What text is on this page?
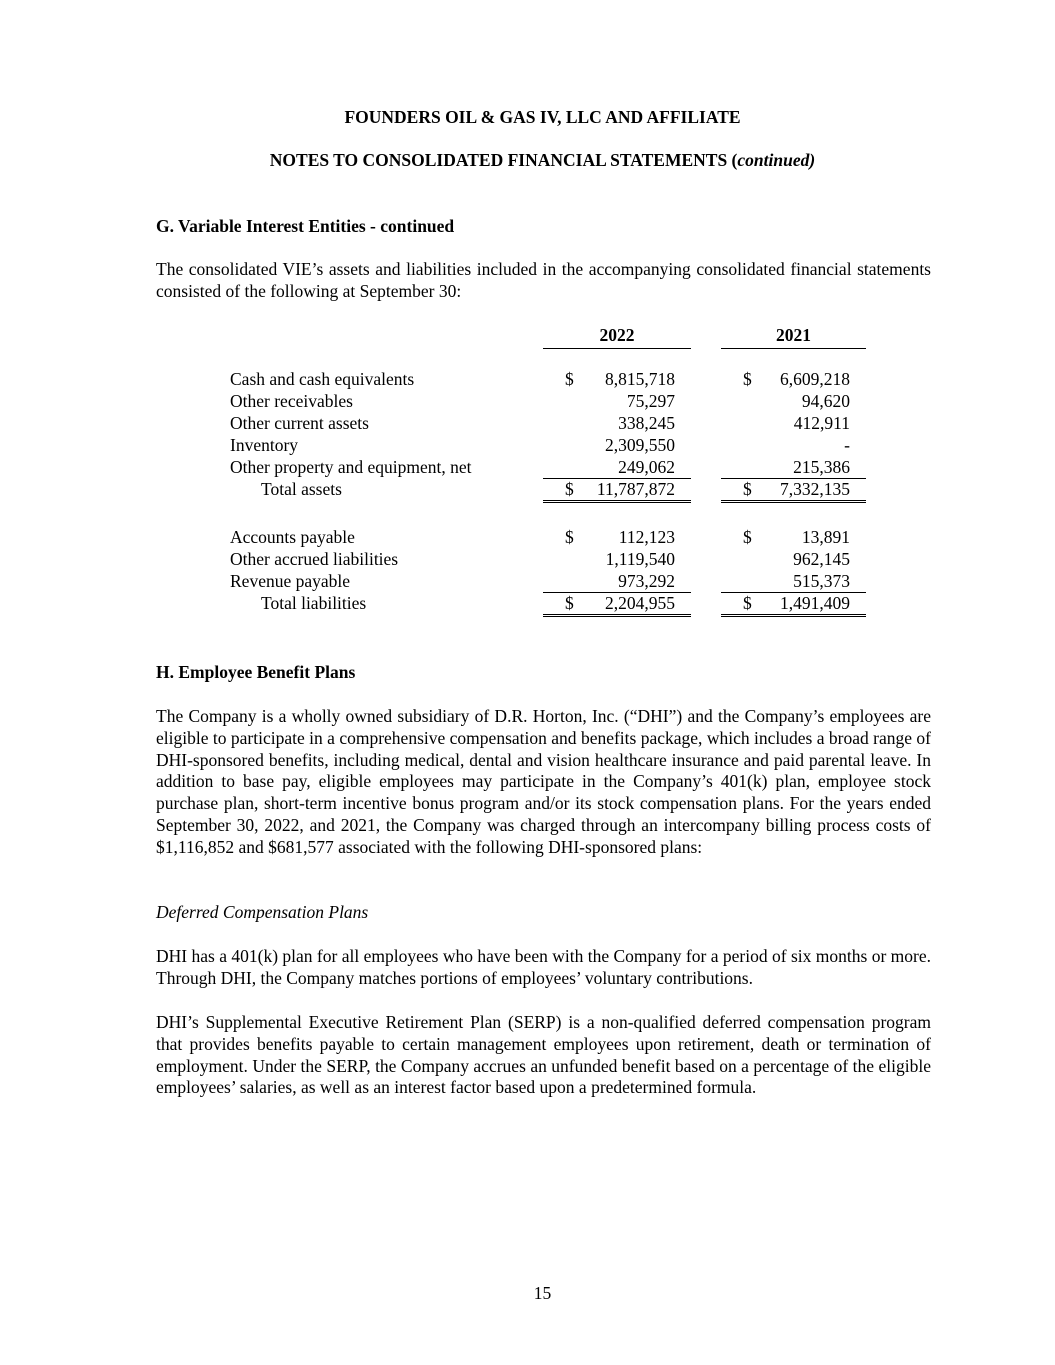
FOUNDERS OIL & GAS IV, LLC AND AFFILIATE
NOTES TO CONSOLIDATED FINANCIAL STATEMENTS (continued)
G. Variable Interest Entities - continued
The consolidated VIE’s assets and liabilities included in the accompanying consolidated financial statements consisted of the following at September 30:
2022	2021
Cash and cash equivalents	$ 8,815,718	$ 6,609,218
Other receivables	75,297	94,620
Other current assets	338,245	412,911
Inventory	2,309,550	-
Other property and equipment, net	249,062	215,386
Total assets	$ 11,787,872	$ 7,332,135
Accounts payable	$	112,123	$	13,891
Other accrued liabilities	1,119,540	962,145
Revenue payable	973,292	515,373
Total liabilities	$ 2,204,955	$ 1,491,409
H. Employee Benefit Plans
The Company is a wholly owned subsidiary of D.R. Horton, Inc. (“DHI”) and the Company’s employees are eligible to participate in a comprehensive compensation and benefits package, which includes a broad range of DHI-sponsored benefits, including medical, dental and vision healthcare insurance and paid parental leave. In addition to base pay, eligible employees may participate in the Company’s 401(k) plan, employee stock purchase plan, short-term incentive bonus program and/or its stock compensation plans. For the years ended September 30, 2022, and 2021, the Company was charged through an intercompany billing process costs of $1,116,852 and $681,577 associated with the following DHI-sponsored plans:
Deferred Compensation Plans
DHI has a 401(k) plan for all employees who have been with the Company for a period of six months or more. Through DHI, the Company matches portions of employees’ voluntary contributions.
DHI’s Supplemental Executive Retirement Plan (SERP) is a non-qualified deferred compensation program that provides benefits payable to certain management employees upon retirement, death or termination of employment. Under the SERP, the Company accrues an unfunded benefit based on a percentage of the eligible employees’ salaries, as well as an interest factor based upon a predetermined formula.
15
